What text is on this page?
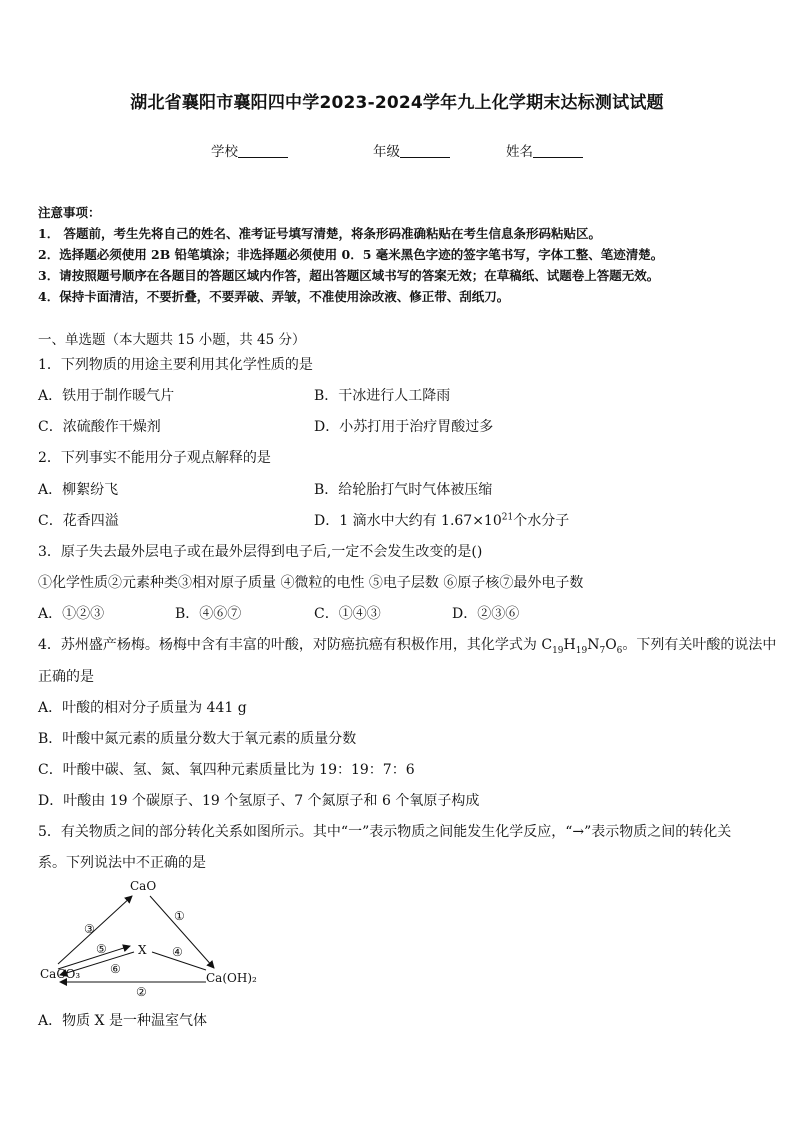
湖北省襄阳市襄阳四中学2023-2024学年九上化学期末达标测试试题
学校	年级	姓名
注意事项：
1． 答题前，考生先将自己的姓名、准考证号填写清楚，将条形码准确粘贴在考生信息条形码粘贴区。
2．选择题必须使用 2B 铅笔填涂；非选择题必须使用 0．5 毫米黑色字迹的签字笔书写，字体工整、笔迹清楚。
3．请按照题号顺序在各题目的答题区域内作答，超出答题区域书写的答案无效；在草稿纸、试题卷上答题无效。
4．保持卡面清洁，不要折叠，不要弄破、弄皱，不准使用涂改液、修正带、刮纸刀。
一、单选题（本大题共 15 小题，共 45 分）
1．下列物质的用途主要利用其化学性质的是
A．铁用于制作暖气片	B．干冰进行人工降雨
C．浓硫酸作干燥剂	D．小苏打用于治疗胃酸过多
2．下列事实不能用分子观点解释的是
A．柳絮纷飞	B．给轮胎打气时气体被压缩
C．花香四溢	D．1 滴水中大约有 $1.67\times 10^{21}$个水分子
3．原子失去最外层电子或在最外层得到电子后,一定不会发生改变的是()
①化学性质②元素种类③相对原子质量 ④微粒的电性 ⑤电子层数 ⑥原子核⑦最外电子数
A．①②③	B．④⑥⑦	C．①④③	D．②③⑥
4．苏州盛产杨梅。杨梅中含有丰富的叶酸，对防癌抗癌有积极作用，其化学式为 $C_{19}H_{19}N_7O_6$。下列有关叶酸的说法中
正确的是
A．叶酸的相对分子质量为 441 g
B．叶酸中氮元素的质量分数大于氧元素的质量分数
C．叶酸中碳、氢、氮、氧四种元素质量比为 19：19：7：6
D．叶酸由 19 个碳原子、19 个氢原子、7 个氮原子和 6 个氧原子构成
5．有关物质之间的部分转化关系如图所示。其中“一”表示物质之间能发生化学反应，“→”表示物质之间的转化关
系。下列说法中不正确的是
CaO
X
CaCO₃	Ca(OH)₂
③
①
②
④
⑤
⑥
A．物质 X 是一种温室气体
